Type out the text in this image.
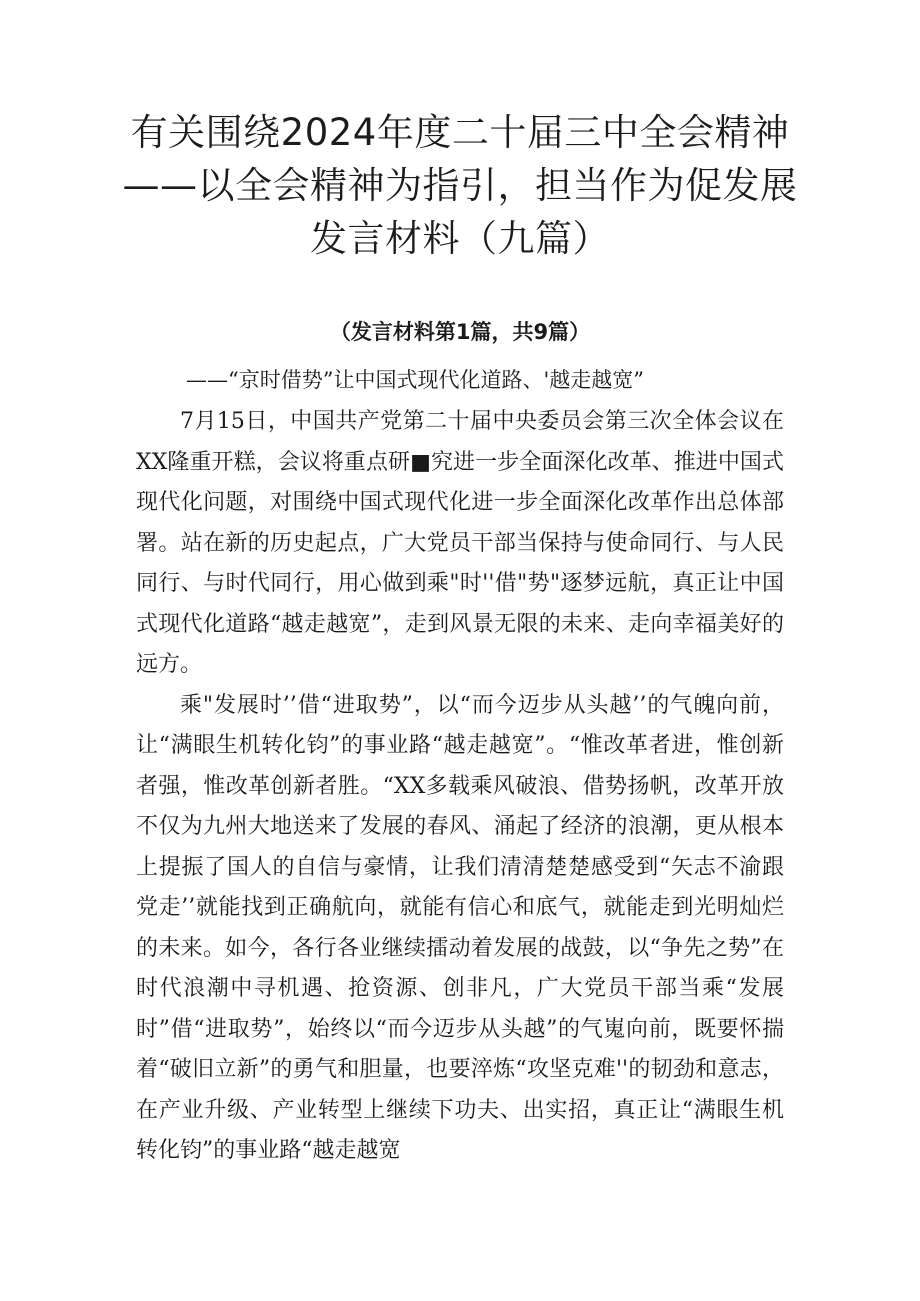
有关围绕2024年度二十届三中全会精神——以全会精神为指引，担当作为促发展发言材料（九篇）
（发言材料第1篇，共9篇）
——“京时借势”让中国式现代化道路、'越走越宽”

7月15日，中国共产党第二十届中央委员会第三次全体会议在XX隆重开糕，会议将重点研■究进一步全面深化改革、推进中国式现代化问题，对围绕中国式现代化进一步全面深化改革作出总体部署。站在新的历史起点，广大党员干部当保持与使命同行、与人民同行、与时代同行，用心做到乘"时''借"势"逐梦远航，真正让中国式现代化道路“越走越宽”，走到风景无限的未来、走向幸福美好的远方。

乘"发展时’’借“进取势”，以“而今迈步从头越’’的气魄向前，让“满眼生机转化钧”的事业路“越走越宽”。“惟改革者进，惟创新者强，惟改革创新者胜。“XX多载乘风破浪、借势扬帆，改革开放不仅为九州大地送来了发展的春风、涌起了经济的浪潮，更从根本上提振了国人的自信与豪情，让我们清清楚楚感受到“矢志不渝跟党走’’就能找到正确航向，就能有信心和底气，就能走到光明灿烂的未来。如今，各行各业继续擂动着发展的战鼓，以“争先之势”在时代浪潮中寻机遇、抢资源、创非凡，广大党员干部当乘“发展时”借“进取势”，始终以“而今迈步从头越”的气嵬向前，既要怀揣着“破旧立新”的勇气和胆量，也要淬炼“攻坚克难''的韧劲和意志，在产业升级、产业转型上继续下功夫、出实招，真正让“满眼生机转化钧”的事业路“越走越宽
